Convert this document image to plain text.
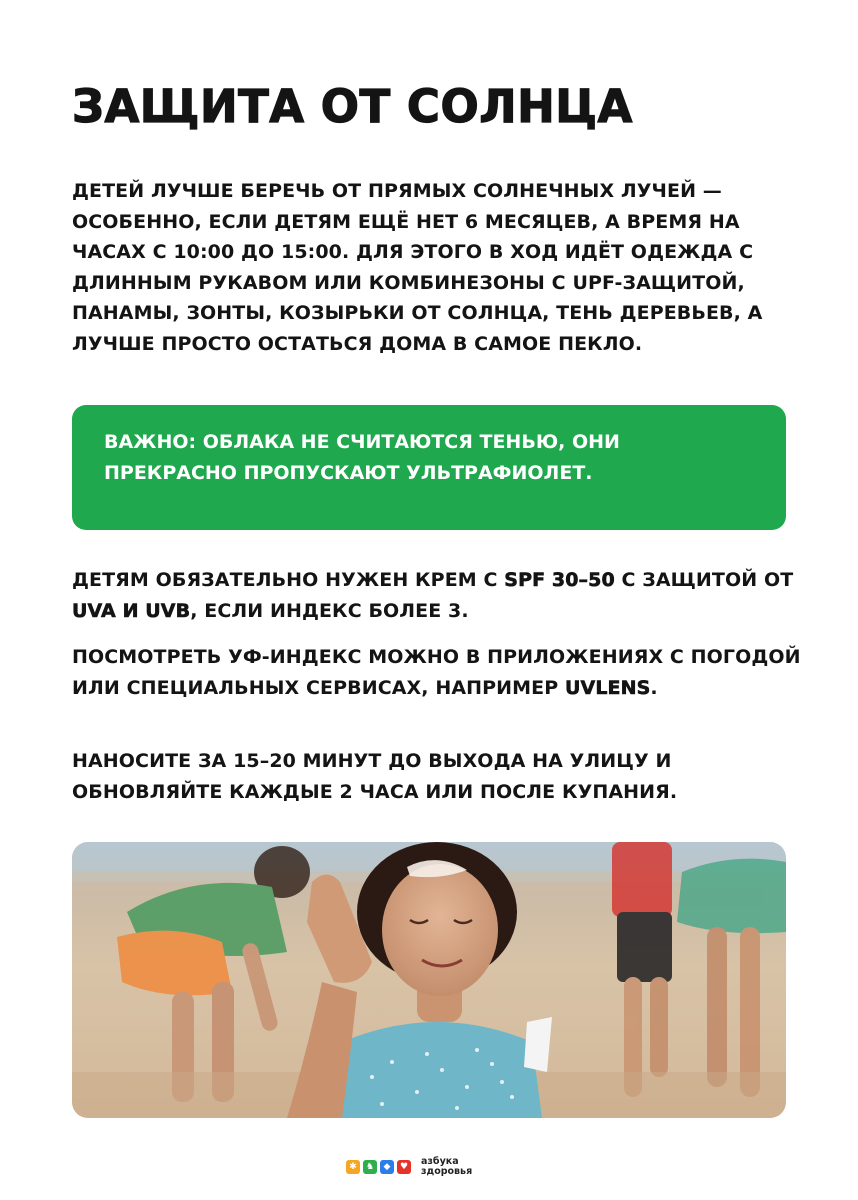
ЗАЩИТА ОТ СОЛНЦА

ДЕТЕЙ ЛУЧШЕ БЕРЕЧЬ ОТ ПРЯМЫХ СОЛНЕЧНЫХ ЛУЧЕЙ — ОСОБЕННО, ЕСЛИ ДЕТЯМ ЕЩЁ НЕТ 6 МЕСЯЦЕВ, А ВРЕМЯ НА ЧАСАХ С 10:00 ДО 15:00. ДЛЯ ЭТОГО В ХОД ИДЁТ ОДЕЖДА С ДЛИННЫМ РУКАВОМ ИЛИ КОМБИНЕЗОНЫ С UPF-ЗАЩИТОЙ, ПАНАМЫ, ЗОНТЫ, КОЗЫРЬКИ ОТ СОЛНЦА, ТЕНЬ ДЕРЕВЬЕВ, А ЛУЧШЕ ПРОСТО ОСТАТЬСЯ ДОМА В САМОЕ ПЕКЛО.

ВАЖНО: ОБЛАКА НЕ СЧИТАЮТСЯ ТЕНЬЮ, ОНИ ПРЕКРАСНО ПРОПУСКАЮТ УЛЬТРАФИОЛЕТ.

ДЕТЯМ ОБЯЗАТЕЛЬНО НУЖЕН КРЕМ С SPF 30–50 С ЗАЩИТОЙ ОТ UVA И UVB, ЕСЛИ ИНДЕКС БОЛЕЕ 3.

ПОСМОТРЕТЬ УФ-ИНДЕКС МОЖНО В ПРИЛОЖЕНИЯХ С ПОГОДОЙ ИЛИ СПЕЦИАЛЬНЫХ СЕРВИСАХ, НАПРИМЕР UVLENS.

НАНОСИТЕ ЗА 15–20 МИНУТ ДО ВЫХОДА НА УЛИЦУ И ОБНОВЛЯЙТЕ КАЖДЫЕ 2 ЧАСА ИЛИ ПОСЛЕ КУПАНИЯ.

✱	♞	◆	♥	азбука
здоровья
